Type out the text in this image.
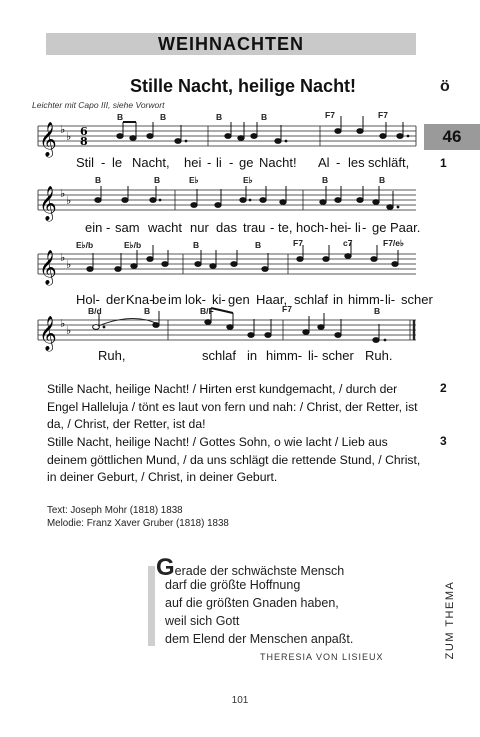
WEIHNACHTEN
Stille Nacht, heilige Nacht!	ö
46
Leichter mit Capo III, siehe Vorwort
B	B	B	B	F7	F7
𝄞 ♭
♭ 6
8
Stil - le Nacht, hei - li - ge Nacht! Al - les schläft,	1
B	B	E♭	E♭	B	B
𝄞 ♭
♭
ein - sam wacht nur das trau - te, hoch- hei - li - ge Paar.
E♭/b	E♭/b	B	B	F7	c7	F7/e♭
𝄞 ♭
♭
Hol- der Kna-
be im lok- ki- gen Haar, schlaf in himm- li- scher
B/d	B	B/F	F7	B
𝄞 ♭
♭
Ruh,	schlaf in himm- li- scher Ruh.
Stille Nacht, heilige Nacht! / Hirten erst kundgemacht, / durch der Engel Halleluja / tönt es laut von fern und nah: / Christ, der Retter, ist da, / Christ, der Retter, ist da!
2
Stille Nacht, heilige Nacht! / Gottes Sohn, o wie lacht / Lieb aus deinem göttlichen Mund, / da uns schlägt die rettende Stund, / Christ, in deiner Geburt, / Christ, in deiner Geburt.
3
Text: Joseph Mohr (1818) 1838
Melodie: Franz Xaver Gruber (1818) 1838
Gerade der schwächste Mensch
darf die größte Hoffnung
auf die größten Gnaden haben,
weil sich Gott
dem Elend der Menschen anpaßt.
THERESIA VON LISIEUX	ZUM THEMA
101
